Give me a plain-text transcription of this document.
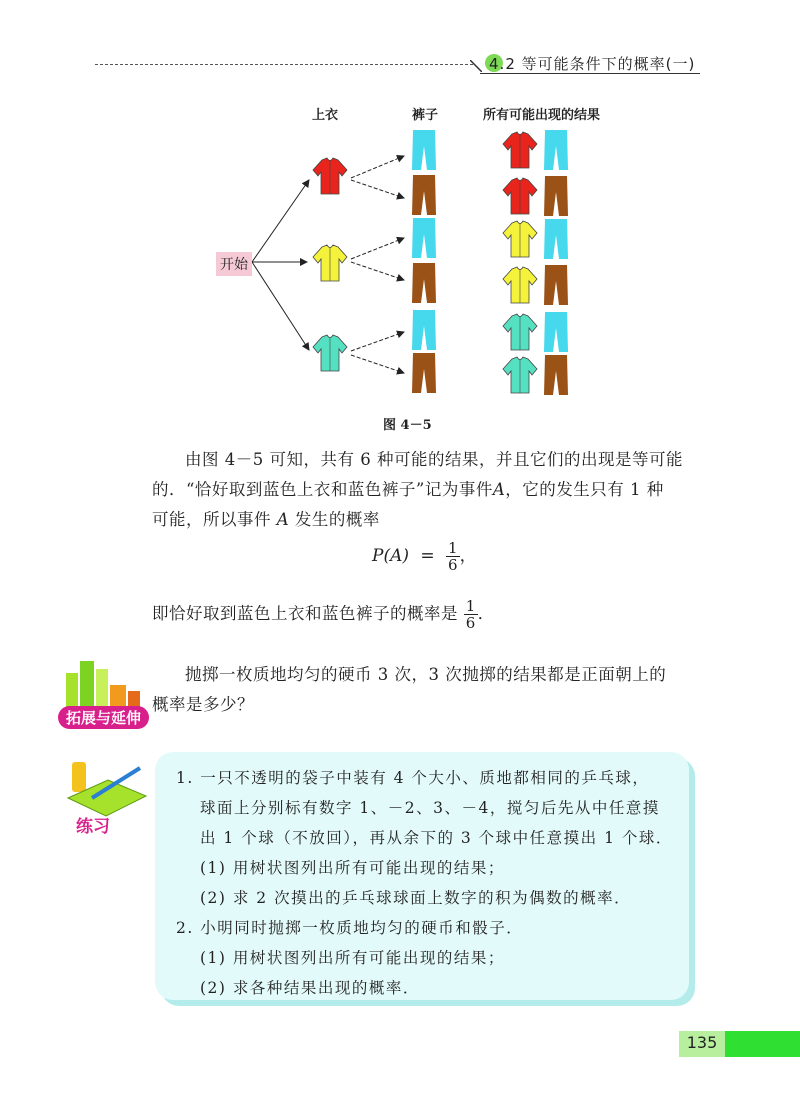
4.2 等可能条件下的概率(一)
上衣	裤子	所有可能出现的结果
开始
图 4－5
由图 4－5 可知，共有 6 种可能的结果，并且它们的出现是等可能
的．“恰好取到蓝色上衣和蓝色裤子”记为事件A，它的发生只有 1 种
可能，所以事件 A 发生的概率
$P(A) = \frac{1}{6}$ ，
即恰好取到蓝色上衣和蓝色裤子的概率是 $\frac{1}{6}$ ．
拓展与延伸
抛掷一枚质地均匀的硬币 3 次，3 次抛掷的结果都是正面朝上的
概率是多少？
练习
1. 一只不透明的袋子中装有 4 个大小、质地都相同的乒乓球，
球面上分别标有数字 1、－2、3、－4，搅匀后先从中任意摸
出 1 个球（不放回），再从余下的 3 个球中任意摸出 1 个球．
(1) 用树状图列出所有可能出现的结果；
(2) 求 2 次摸出的乒乓球球面上数字的积为偶数的概率．
2. 小明同时抛掷一枚质地均匀的硬币和骰子．
(1) 用树状图列出所有可能出现的结果；
(2) 求各种结果出现的概率．
135
